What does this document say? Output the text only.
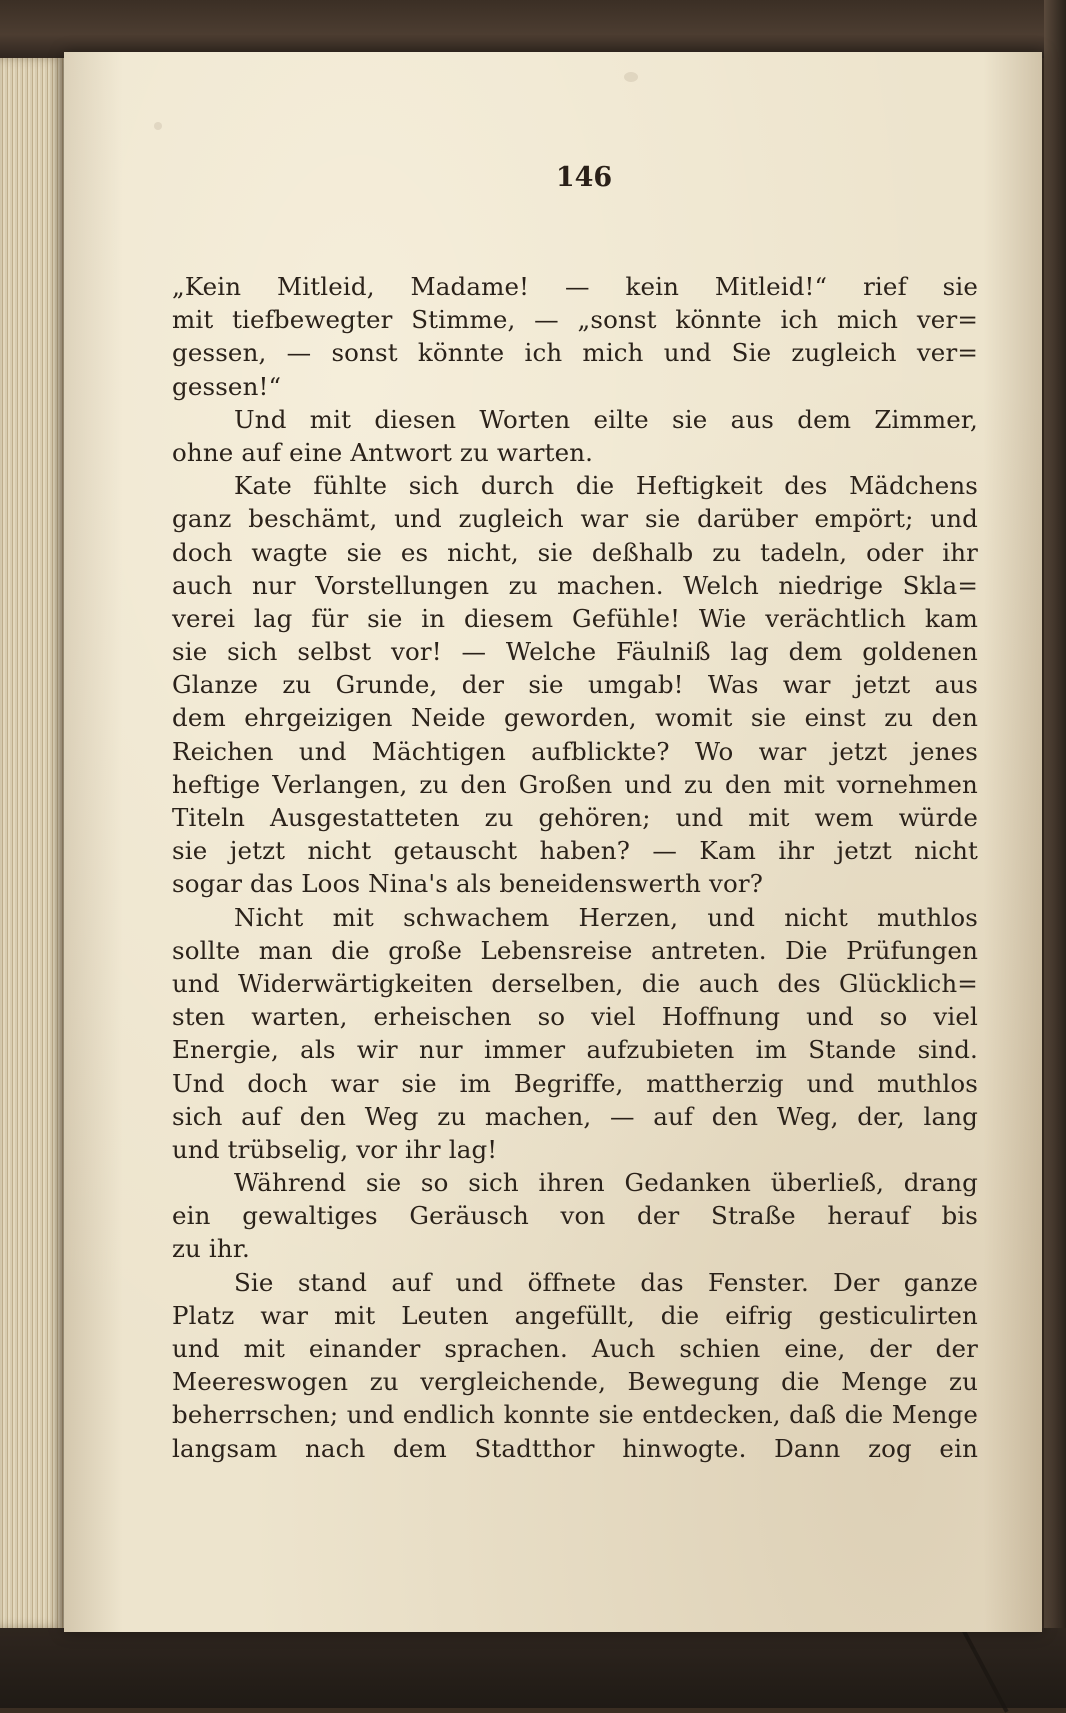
146
„Kein Mitleid, Madame! — kein Mitleid!“ rief sie
mit tiefbewegter Stimme, — „sonst könnte ich mich ver=
gessen, — sonst könnte ich mich und Sie zugleich ver=
gessen!“
Und mit diesen Worten eilte sie aus dem Zimmer,
ohne auf eine Antwort zu warten.
Kate fühlte sich durch die Heftigkeit des Mädchens
ganz beschämt, und zugleich war sie darüber empört; und
doch wagte sie es nicht, sie deßhalb zu tadeln, oder ihr
auch nur Vorstellungen zu machen. Welch niedrige Skla=
verei lag für sie in diesem Gefühle! Wie verächtlich kam
sie sich selbst vor! — Welche Fäulniß lag dem goldenen
Glanze zu Grunde, der sie umgab! Was war jetzt aus
dem ehrgeizigen Neide geworden, womit sie einst zu den
Reichen und Mächtigen aufblickte? Wo war jetzt jenes
heftige Verlangen, zu den Großen und zu den mit vornehmen
Titeln Ausgestatteten zu gehören; und mit wem würde
sie jetzt nicht getauscht haben? — Kam ihr jetzt nicht
sogar das Loos Nina's als beneidenswerth vor?
Nicht mit schwachem Herzen, und nicht muthlos
sollte man die große Lebensreise antreten. Die Prüfungen
und Widerwärtigkeiten derselben, die auch des Glücklich=
sten warten, erheischen so viel Hoffnung und so viel
Energie, als wir nur immer aufzubieten im Stande sind.
Und doch war sie im Begriffe, mattherzig und muthlos
sich auf den Weg zu machen, — auf den Weg, der, lang
und trübselig, vor ihr lag!
Während sie so sich ihren Gedanken überließ, drang
ein gewaltiges Geräusch von der Straße herauf bis
zu ihr.
Sie stand auf und öffnete das Fenster. Der ganze
Platz war mit Leuten angefüllt, die eifrig gesticulirten
und mit einander sprachen. Auch schien eine, der der
Meereswogen zu vergleichende, Bewegung die Menge zu
beherrschen; und endlich konnte sie entdecken, daß die Menge
langsam nach dem Stadtthor hinwogte. Dann zog ein
